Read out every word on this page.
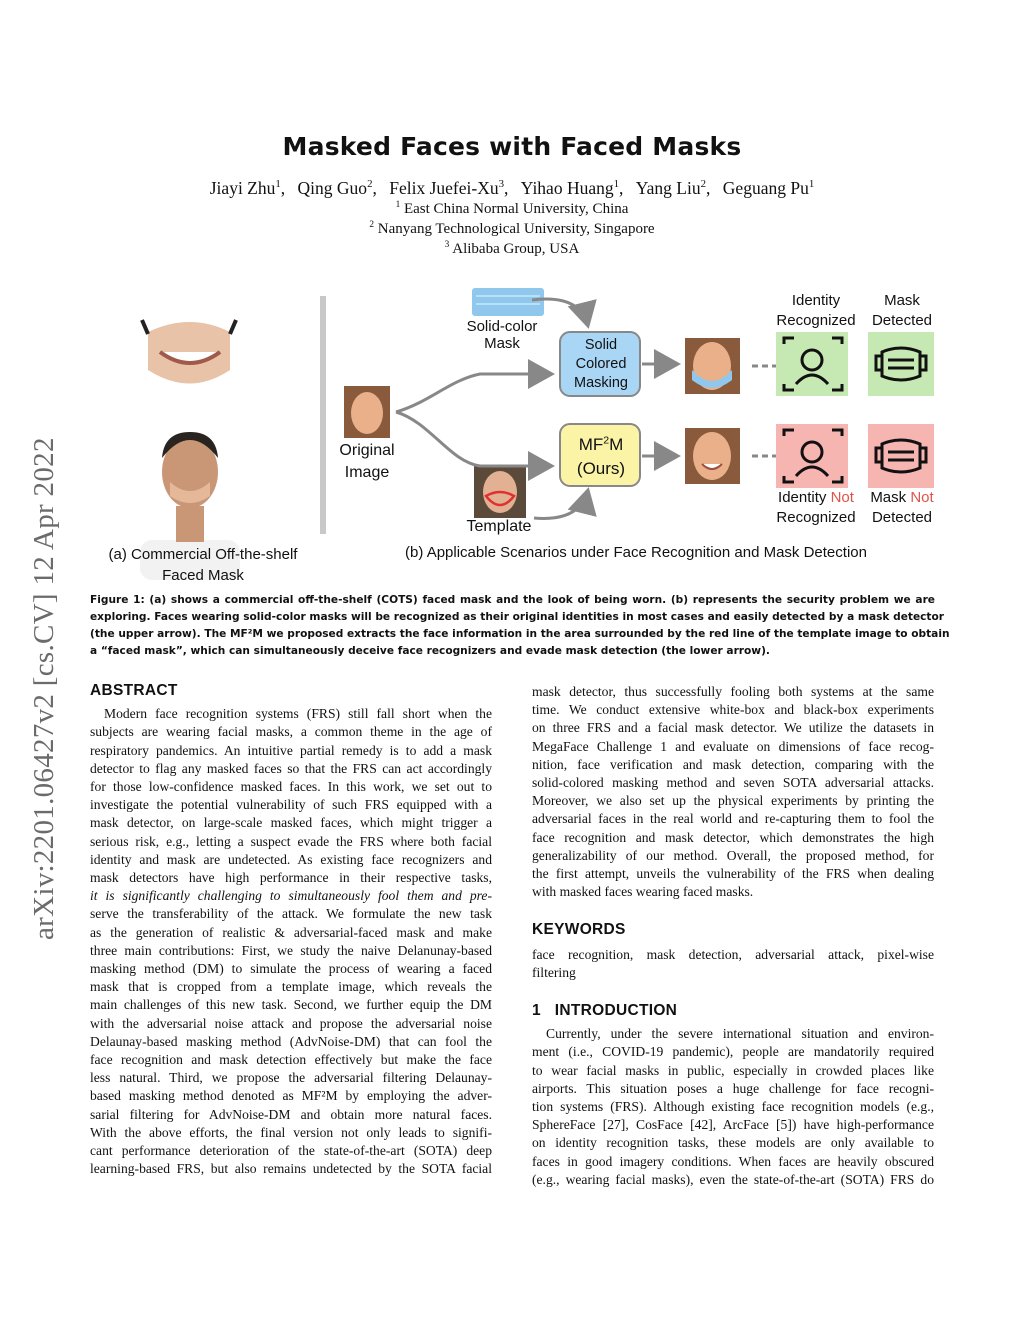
arXiv:2201.06427v2 [cs.CV] 12 Apr 2022
Masked Faces with Faced Masks
Jiayi Zhu$^1$, Qing Guo$^2$, Felix Juefei-Xu$^3$, Yihao Huang$^1$, Yang Liu$^2$, Geguang Pu$^1$
$^1$ East China Normal University, China
$^2$ Nanyang Technological University, Singapore
$^3$ Alibaba Group, USA
Solid-color
Mask	Solid
Colored
Masking
$MF^2M$
(Ours)
Original
Image
Template
Identity
Recognized
Mask
Detected
Identity Not
Recognized
Mask Not
Detected
(a) Commercial Off-the-shelf
Faced Mask
(b) Applicable Scenarios under Face Recognition and Mask Detection
Figure 1: (a) shows a commercial off-the-shelf (COTS) faced mask and the look of being worn. (b) represents the security problem we are
exploring. Faces wearing solid-color masks will be recognized as their original identities in most cases and easily detected by a mask detector
(the upper arrow). The MF²M we proposed extracts the face information in the area surrounded by the red line of the template image to obtain
a “faced mask”, which can simultaneously deceive face recognizers and evade mask detection (the lower arrow).
ABSTRACT
Modern face recognition systems (FRS) still fall short when the
subjects are wearing facial masks, a common theme in the age of
respiratory pandemics. An intuitive partial remedy is to add a mask
detector to flag any masked faces so that the FRS can act accordingly
for those low-confidence masked faces. In this work, we set out to
investigate the potential vulnerability of such FRS equipped with a
mask detector, on large-scale masked faces, which might trigger a
serious risk, e.g., letting a suspect evade the FRS where both facial
identity and mask are undetected. As existing face recognizers and
mask detectors have high performance in their respective tasks,
it is significantly challenging to simultaneously fool them and pre-
serve the transferability of the attack. We formulate the new task
as the generation of realistic & adversarial-faced mask and make
three main contributions: First, we study the naive Delanunay-based
masking method (DM) to simulate the process of wearing a faced
mask that is cropped from a template image, which reveals the
main challenges of this new task. Second, we further equip the DM
with the adversarial noise attack and propose the adversarial noise
Delaunay-based masking method (AdvNoise-DM) that can fool the
face recognition and mask detection effectively but make the face
less natural. Third, we propose the adversarial filtering Delaunay-
based masking method denoted as MF²M by employing the adver-
sarial filtering for AdvNoise-DM and obtain more natural faces.
With the above efforts, the final version not only leads to signifi-
cant performance deterioration of the state-of-the-art (SOTA) deep
learning-based FRS, but also remains undetected by the SOTA facial
mask detector, thus successfully fooling both systems at the same
time. We conduct extensive white-box and black-box experiments
on three FRS and a facial mask detector. We utilize the datasets in
MegaFace Challenge 1 and evaluate on dimensions of face recog-
nition, face verification and mask detection, comparing with the
solid-colored masking method and seven SOTA adversarial attacks.
Moreover, we also set up the physical experiments by printing the
adversarial faces in the real world and re-capturing them to fool the
face recognition and mask detector, which demonstrates the high
generalizability of our method. Overall, the proposed method, for
the first attempt, unveils the vulnerability of the FRS when dealing
with masked faces wearing faced masks.
KEYWORDS
face recognition, mask detection, adversarial attack, pixel-wise
filtering
1 INTRODUCTION
Currently, under the severe international situation and environ-
ment (i.e., COVID-19 pandemic), people are mandatorily required
to wear facial masks in public, especially in crowded places like
airports. This situation poses a huge challenge for face recogni-
tion systems (FRS). Although existing face recognition models (e.g.,
SphereFace [27], CosFace [42], ArcFace [5]) have high-performance
on identity recognition tasks, these models are only available to
faces in good imagery conditions. When faces are heavily obscured
(e.g., wearing facial masks), even the state-of-the-art (SOTA) FRS do
